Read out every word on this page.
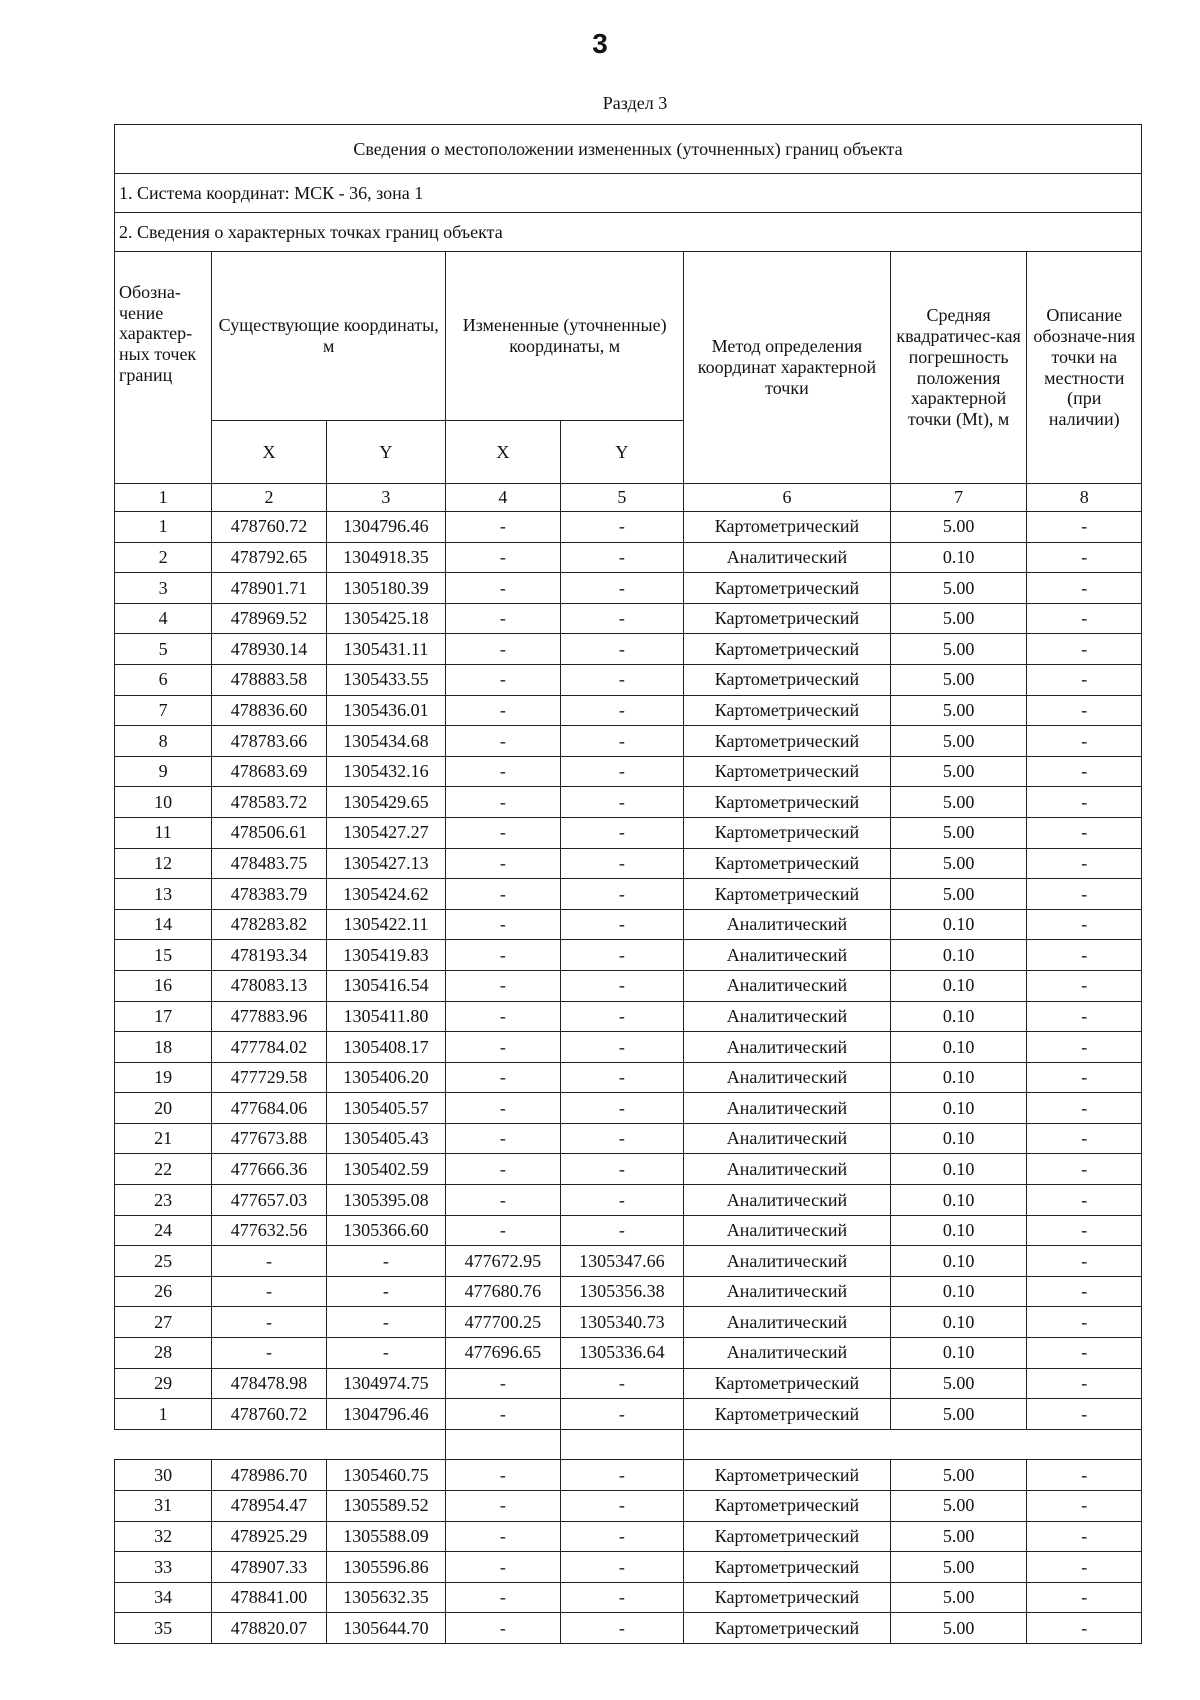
3
Раздел 3
Сведения о местоположении измененных (уточненных) границ объекта							
1. Система координат: МСК - 36, зона 1							
2. Сведения о характерных точках границ объекта							
Обозна-чение характер-ных точек границ	Существующие координаты, м		Измененные (уточненные) координаты, м		Метод определения координат характерной точки	Средняя квадратичес-кая погрешность положения характерной точки (Mt), м	Описание обозначе-ния точки на местности (при наличии)
	X	Y	X	Y			
1	2	3	4	5	6	7	8
1	478760.72	1304796.46	-	-	Картометрический	5.00	-
2	478792.65	1304918.35	-	-	Аналитический	0.10	-
3	478901.71	1305180.39	-	-	Картометрический	5.00	-
4	478969.52	1305425.18	-	-	Картометрический	5.00	-
5	478930.14	1305431.11	-	-	Картометрический	5.00	-
6	478883.58	1305433.55	-	-	Картометрический	5.00	-
7	478836.60	1305436.01	-	-	Картометрический	5.00	-
8	478783.66	1305434.68	-	-	Картометрический	5.00	-
9	478683.69	1305432.16	-	-	Картометрический	5.00	-
10	478583.72	1305429.65	-	-	Картометрический	5.00	-
11	478506.61	1305427.27	-	-	Картометрический	5.00	-
12	478483.75	1305427.13	-	-	Картометрический	5.00	-
13	478383.79	1305424.62	-	-	Картометрический	5.00	-
14	478283.82	1305422.11	-	-	Аналитический	0.10	-
15	478193.34	1305419.83	-	-	Аналитический	0.10	-
16	478083.13	1305416.54	-	-	Аналитический	0.10	-
17	477883.96	1305411.80	-	-	Аналитический	0.10	-
18	477784.02	1305408.17	-	-	Аналитический	0.10	-
19	477729.58	1305406.20	-	-	Аналитический	0.10	-
20	477684.06	1305405.57	-	-	Аналитический	0.10	-
21	477673.88	1305405.43	-	-	Аналитический	0.10	-
22	477666.36	1305402.59	-	-	Аналитический	0.10	-
23	477657.03	1305395.08	-	-	Аналитический	0.10	-
24	477632.56	1305366.60	-	-	Аналитический	0.10	-
25	-	-	477672.95	1305347.66	Аналитический	0.10	-
26	-	-	477680.76	1305356.38	Аналитический	0.10	-
27	-	-	477700.25	1305340.73	Аналитический	0.10	-
28	-	-	477696.65	1305336.64	Аналитический	0.10	-
29	478478.98	1304974.75	-	-	Картометрический	5.00	-
1	478760.72	1304796.46	-	-	Картометрический	5.00	-

30	478986.70	1305460.75	-	-	Картометрический	5.00	-
31	478954.47	1305589.52	-	-	Картометрический	5.00	-
32	478925.29	1305588.09	-	-	Картометрический	5.00	-
33	478907.33	1305596.86	-	-	Картометрический	5.00	-
34	478841.00	1305632.35	-	-	Картометрический	5.00	-
35	478820.07	1305644.70	-	-	Картометрический	5.00	-
